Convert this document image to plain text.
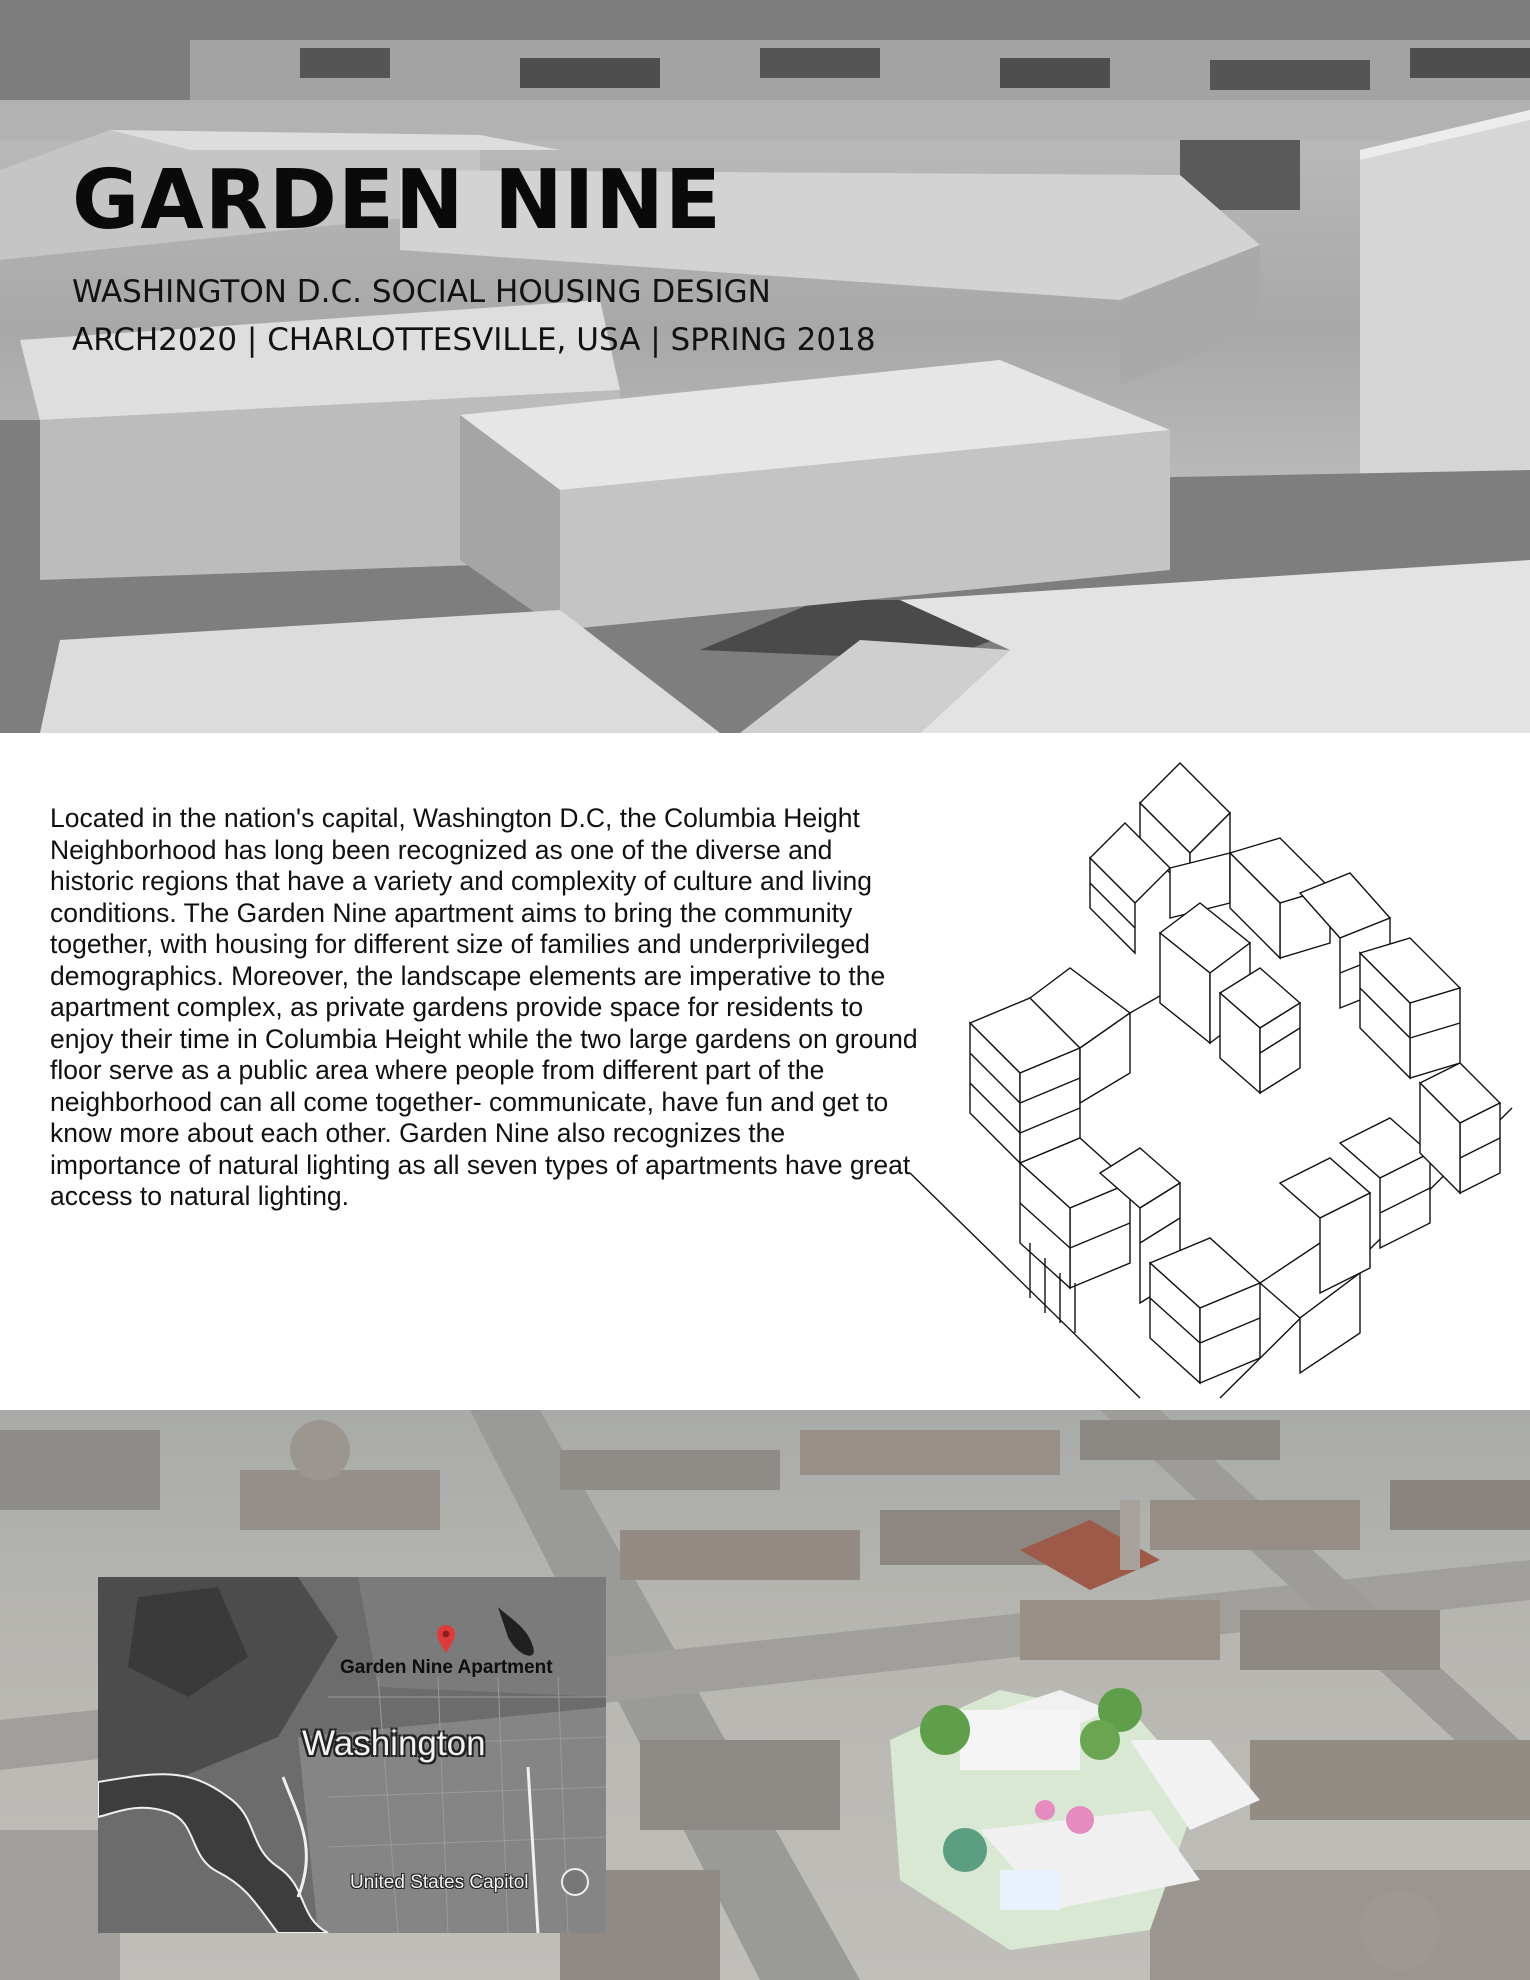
GARDEN NINE

WASHINGTON D.C. SOCIAL HOUSING DESIGN

ARCH2020 | CHARLOTTESVILLE, USA | SPRING 2018

Located in the nation's capital, Washington D.C, the Columbia Height Neighborhood has long been recognized as one of the diverse and historic regions that have a variety and complexity of culture and living conditions. The Garden Nine apartment aims to bring the community together, with housing for different size of families and underprivileged demographics. Moreover, the landscape elements are imperative to the apartment complex, as private gardens provide space for residents to enjoy their time in Columbia Height while the two large gardens on ground floor serve as a public area where people from different part of the neighborhood can all come together- communicate, have fun and get to know more about each other. Garden Nine also recognizes the importance of natural lighting as all seven types of apartments have great access to natural lighting.

Garden Nine Apartment
Washington
United States Capitol
